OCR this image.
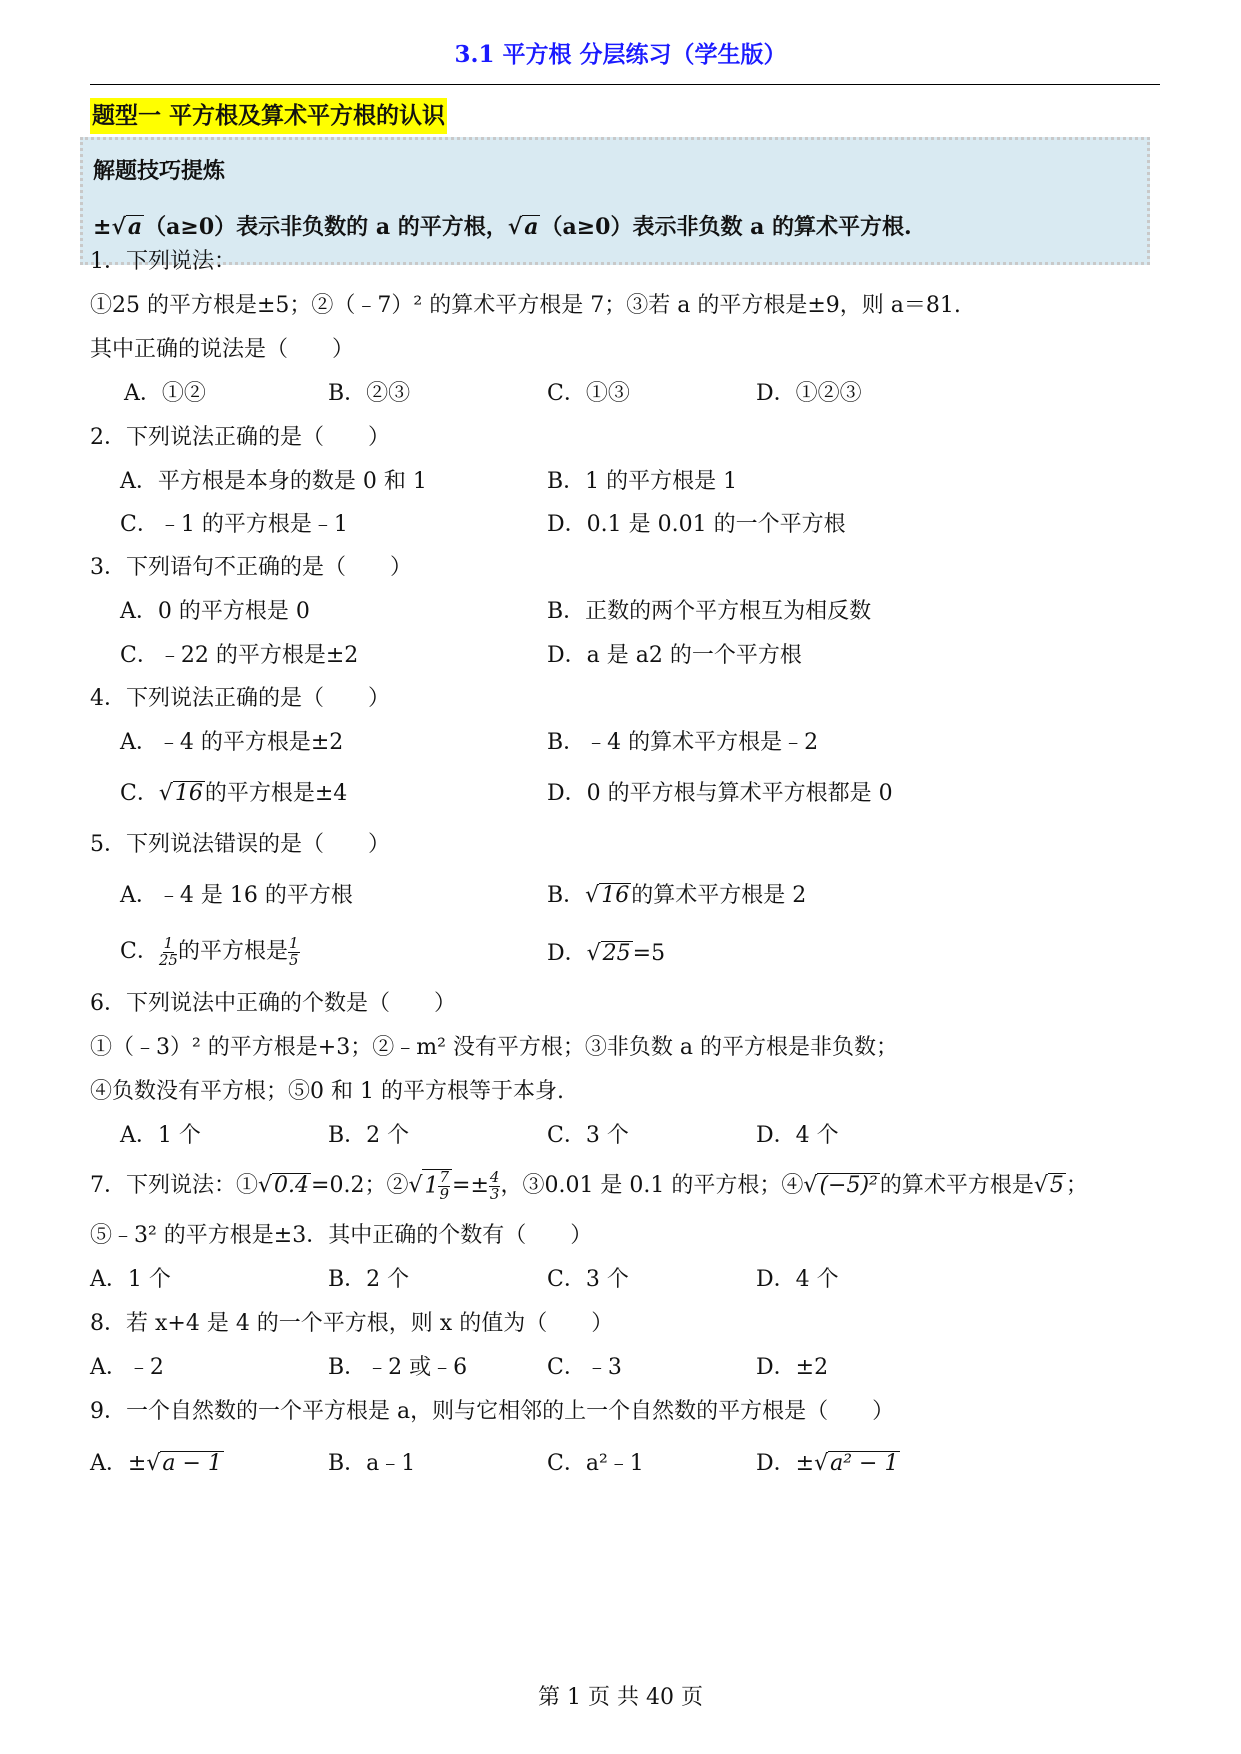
3.1 平方根 分层练习（学生版）
题型一 平方根及算术平方根的认识
解题技巧提炼
±√a（a≥0）表示非负数的 a 的平方根，√a（a≥0）表示非负数 a 的算术平方根.
1．下列说法：
①25 的平方根是±5；②（﹣7）² 的算术平方根是 7；③若 a 的平方根是±9，则 a＝81.
其中正确的说法是（　　）
A．①②	B．②③	C．①③	D．①②③
2．下列说法正确的是（　　）
A．平方根是本身的数是 0 和 1	B．1 的平方根是 1
C．﹣1 的平方根是﹣1	D．0.1 是 0.01 的一个平方根
3．下列语句不正确的是（　　）
A．0 的平方根是 0	B．正数的两个平方根互为相反数
C．﹣22 的平方根是±2	D．a 是 a2 的一个平方根
4．下列说法正确的是（　　）
A．﹣4 的平方根是±2	B．﹣4 的算术平方根是﹣2
C．√16的平方根是±4	D．0 的平方根与算术平方根都是 0
5．下列说法错误的是（　　）
A．﹣4 是 16 的平方根	B．√16的算术平方根是 2
C． $\frac{1}{25}$ 的平方根是 $\frac{1}{5}$	D．√25=5
6．下列说法中正确的个数是（　　）
①（﹣3）² 的平方根是+3；②﹣m² 没有平方根；③非负数 a 的平方根是非负数；
④负数没有平方根；⑤0 和 1 的平方根等于本身.
A．1 个	B．2 个	C．3 个	D．4 个
7．下列说法：①√0.4=0.2；②√1 $\frac{7}{9} =\pm \frac{4}{3}$ ，③0.01 是 0.1 的平方根；④√(−5)²的算术平方根是√5；
⑤﹣3² 的平方根是±3．其中正确的个数有（　　）
A．1 个	B．2 个	C．3 个	D．4 个
8．若 x+4 是 4 的一个平方根，则 x 的值为（　　）
A．﹣2	B．﹣2 或﹣6	C．﹣3	D．±2
9．一个自然数的一个平方根是 a，则与它相邻的上一个自然数的平方根是（　　）
A．±√a − 1	B．a﹣1	C．a²﹣1	D．±√a² − 1
第 1 页 共 40 页
